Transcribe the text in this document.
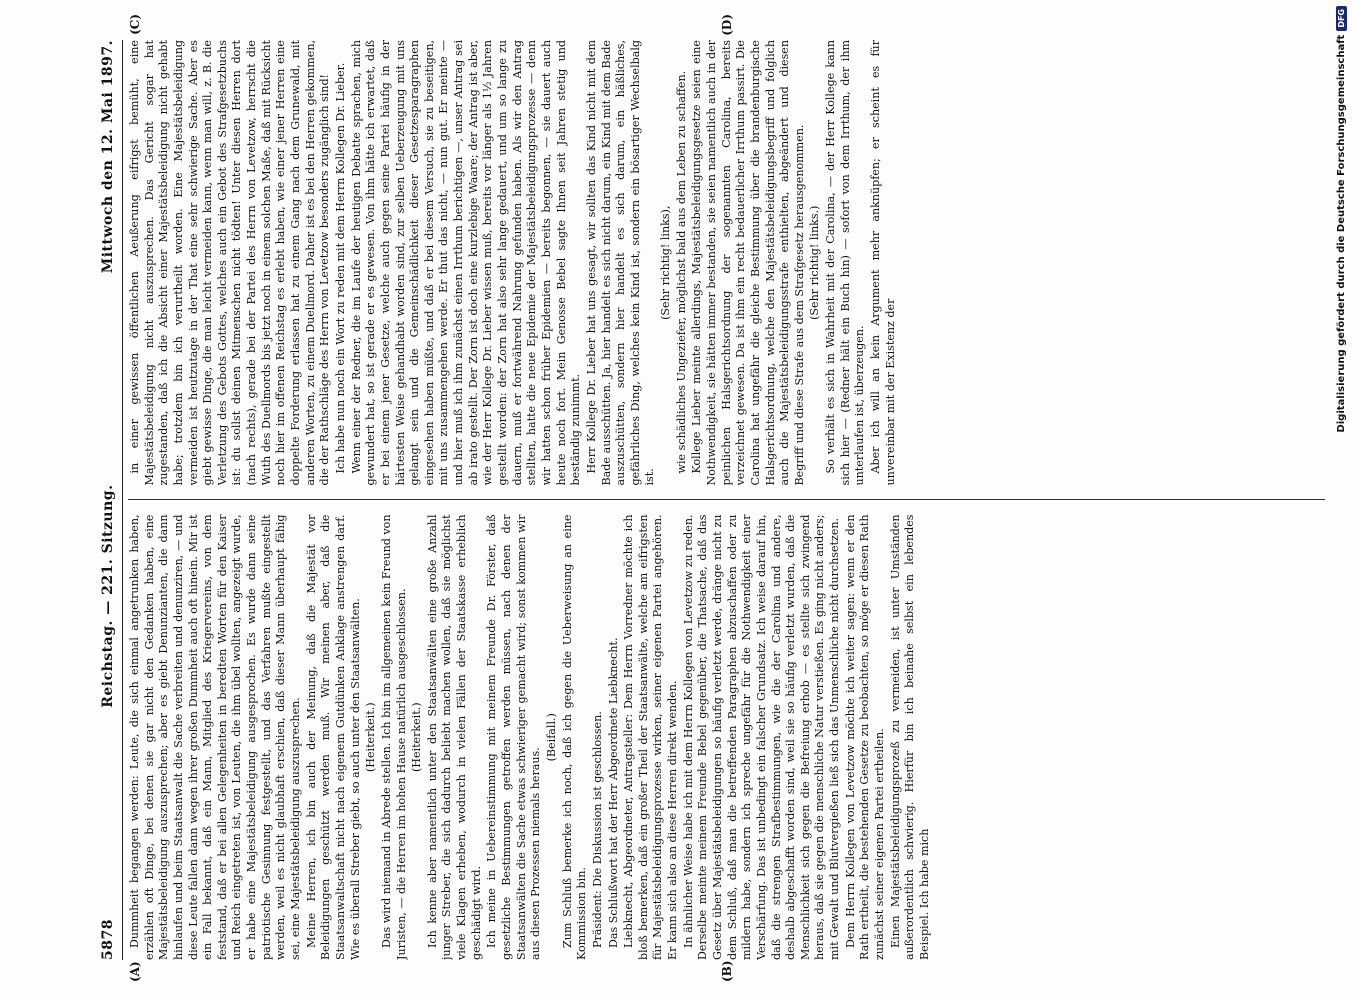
5878
Reichstag. — 221. Sitzung.
Mittwoch den 12. Mai 1897.

Dummheit begangen werden: Leute, die sich einmal angetrunken haben, erzählen oft Dinge, bei denen sie gar nicht den Gedanken haben, eine Majestätsbeleidigung auszusprechen; aber es giebt Denunzianten, die dann hinlaufen und beim Staatsanwalt die Sache verbreiten und denunziren, — und diese Leute fallen dann wegen ihrer großen Dummheit auch oft hinein. Mir ist ein Fall bekannt, daß ein Mann, Mitglied des Kriegervereins, von dem feststand, daß er bei allen Gelegenheiten in beredten Worten für den Kaiser und Reich eingetreten ist, von Leuten, die ihm übel wollten, angezeigt wurde, er habe eine Majestätsbeleidigung ausgesprochen. Es wurde dann seine patriotische Gesinnung festgestellt, und das Verfahren mußte eingestellt werden, weil es nicht glaubhaft erschien, daß dieser Mann überhaupt fähig sei, eine Majestätsbeleidigung auszusprechen. Meine Herren, ich bin auch der Meinung, daß die Majestät vor Beleidigungen geschützt werden muß. Wir meinen aber, daß die Staatsanwaltschaft nicht nach eigenem Gutdünken Anklage anstrengen darf. Wie es überall Streber giebt, so auch unter den Staatsanwälten. (Heiterkeit.) Das wird niemand in Abrede stellen. Ich bin im allgemeinen kein Freund von Juristen, — die Herren im hohen Hause natürlich ausgeschlossen. (Heiterkeit.) Ich kenne aber namentlich unter den Staatsanwälten eine große Anzahl junger Streber, die sich dadurch beliebt machen wollen, daß sie möglichst viele Klagen erheben, wodurch in vielen Fällen der Staatskasse erheblich geschädigt wird. Ich meine in Uebereinstimmung mit meinem Freunde Dr. Förster, daß gesetzliche Bestimmungen getroffen werden müssen, nach denen der Staatsanwälten die Sache etwas schwieriger gemacht wird; sonst kommen wir aus diesen Prozessen niemals heraus.

(Beifall.) Zum Schluß bemerke ich noch, daß ich gegen die Ueberweisung an eine Kommission bin. Präsident: Die Diskussion ist geschlossen. Das Schlußwort hat der Herr Abgeordnete Liebknecht. Liebknecht, Abgeordneter, Antragsteller: Dem Herrn Vorredner möchte ich bloß bemerken, daß ein großer Theil der Staatsanwälte, welche am eifrigsten für Majestätsbeleidigungsprozesse wirken, seiner eigenen Partei angehören. Er kann sich also an diese Herren direkt wenden. In ähnlicher Weise habe ich mit dem Herrn Kollegen von Levetzow zu reden. Derselbe meinte meinem Freunde Bebel gegenüber, die Thatsache, daß das Gesetz über Majestätsbeleidigungen so häufig verletzt werde, dränge nicht zu dem Schluß, daß man die betreffenden Paragraphen abzuschaffen oder zu mildern habe, sondern ich spreche ungefähr für die Nothwendigkeit einer Verschärfung. Das ist unbedingt ein falscher Grundsatz. Ich weise darauf hin, daß die strengen Strafbestimmungen, wie die der Carolina und andere, deshalb abgeschafft worden sind, weil sie so häufig verletzt wurden, daß die Menschlichkeit sich gegen die Befreiung erhob — es stellte sich zwingend heraus, daß sie gegen die menschliche Natur verstießen. Es ging nicht anders; mit Gewalt und Blutvergießen ließ sich das Unmenschliche nicht durchsetzen. Dem Herrn Kollegen von Levetzow möchte ich weiter sagen: wenn er den Rath ertheilt, die bestehenden Gesetze zu beobachten, so möge er diesen Rath zunächst seiner eigenen Partei ertheilen. Einen Majestätsbeleidigungsprozeß zu vermeiden, ist unter Umständen außerordentlich schwierig. Hierfür bin ich beinahe selbst ein lebendes Beispiel. Ich habe mich

in einer gewissen öffentlichen Aeußerung eifrigst bemüht, eine Majestätsbeleidigung nicht auszusprechen. Das Gericht sogar hat zugestanden, daß ich die Absicht einer Majestätsbeleidigung nicht gehabt habe; trotzdem bin ich verurtheilt worden. Eine Majestätsbeleidigung vermeiden ist heutzutage in der That eine sehr schwierige Sache. Aber es giebt gewisse Dinge, die man leicht vermeiden kann, wenn man will, z. B. die Verletzung des Gebots Gottes, welches auch ein Gebot des Strafgesetzbuchs ist: du sollst deinen Mitmenschen nicht tödten! Unter diesen Herren dort (nach rechts), gerade bei der Partei des Herrn von Levetzow, herrscht die Wuth des Duellmords bis jetzt noch in einem solchen Maße, daß mit Rücksicht noch hier im offenen Reichstag es erlebt haben, wie einer jener Herren eine doppelte Forderung erlassen hat zu einem Gang nach dem Grunewald, mit anderen Worten, zu einem Duellmord. Daher ist es bei den Herren gekommen, die der Rathschläge des Herrn von Levetzow besonders zugänglich sind! Ich habe nun noch ein Wort zu reden mit dem Herrn Kollegen Dr. Lieber. Wenn einer der Redner, die im Laufe der heutigen Debatte sprachen, mich gewundert hat, so ist gerade er es gewesen. Von ihm hätte ich erwartet, daß er bei einem jener Gesetze, welche auch gegen seine Partei häufig in der härtesten Weise gehandhabt worden sind, zur selben Ueberzeugung mit uns gelangt sein und die Gemeinschädlichkeit dieser Gesetzesparagraphen eingesehen haben müßte, und daß er bei diesem Versuch, sie zu beseitigen, mit uns zusammengehen werde. Er thut das nicht, — nun gut. Er meinte — und hier muß ich ihm zunächst einen Irrthum berichtigen —, unser Antrag sei ab irato gestellt. Der Zorn ist doch eine kurzlebige Waare; der Antrag ist aber, wie der Herr Kollege Dr. Lieber wissen muß, bereits vor länger als 1½ Jahren gestellt worden: der Zorn hat also sehr lange gedauert, und um so lange zu dauern, muß er fortwährend Nahrung gefunden haben. Als wir den Antrag stellten, hatte die neue Epidemie der Majestätsbeleidigungsprozesse — denn wir hatten schon früher Epidemien — bereits begonnen, — sie dauert auch heute noch fort. Mein Genosse Bebel sagte Ihnen seit Jahren stetig und beständig zunimmt. Herr Kollege Dr. Lieber hat uns gesagt, wir sollten das Kind nicht mit dem Bade ausschütten. Ja, hier handelt es sich nicht darum, ein Kind mit dem Bade auszuschütten, sondern hier handelt es sich darum, ein häßliches, gefährliches Ding, welches kein Kind ist, sondern ein bösartiger Wechselbalg ist.

(Sehr richtig! links), wie schädliches Ungeziefer, möglichst bald aus dem Leben zu schaffen. Kollege Lieber meinte allerdings, Majestätsbeleidigungsgesetze seien eine Nothwendigkeit, sie hätten immer bestanden, sie seien namentlich auch in der peinlichen Halsgerichtsordnung der sogenannten Carolina, bereits verzeichnet gewesen. Da ist ihm ein recht bedauerlicher Irrthum passirt. Die Carolina hat ungefähr die gleiche Bestimmung über die brandenburgische Halsgerichtsordnung, welche den Majestätsbeleidigungsbegriff und folglich auch die Majestätsbeleidigungsstrafe enthielten, abgeändert und diesen Begriff und diese Strafe aus dem Strafgesetz herausgenommen. (Sehr richtig! links.) So verhält es sich in Wahrheit mit der Carolina, — der Herr Kollege kann sich hier — (Redner hält ein Buch hin) — sofort von dem Irrthum, der ihm unterlaufen ist, überzeugen. Aber ich will an kein Argument mehr anknüpfen; er scheint es für unvereinbar mit der Existenz der

(A)	(B)
(C)	(D)
Digitalisierung gefördert durch die Deutsche Forschungsgemeinschaft
DFG
